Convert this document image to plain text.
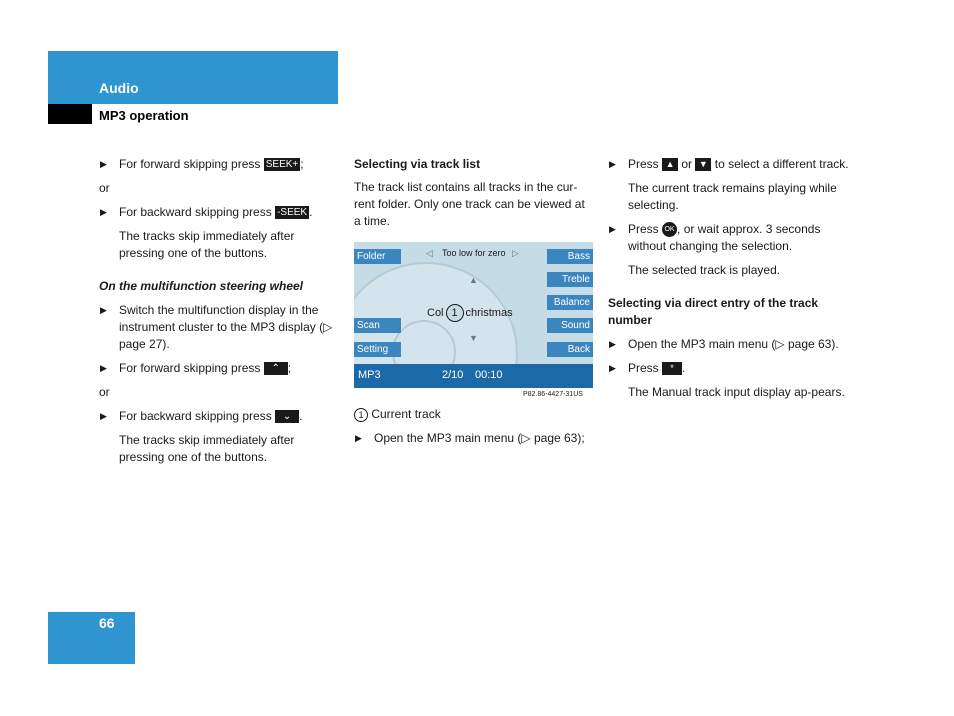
Audio
MP3 operation

▶ For forward skipping press SEEK+ ;

or

▶ For backward skipping press -SEEK .

The tracks skip immediately after pressing one of the buttons.

On the multifunction steering wheel

▶ Switch the multifunction display in the instrument cluster to the MP3 display (▷ page 27).

▶ For forward skipping press ⌃ ;

or

▶ For backward skipping press ⌄ .

The tracks skip immediately after pressing one of the buttons.

Selecting via track list

The track list contains all tracks in the cur-rent folder. Only one track can be viewed at a time.

Folder
Scan
Setting
◁ Too low for zero ▷
▲
Col 1 christmas
▼
Bass
Treble
Balance
Sound
Back
MP3	2/10 00:10
P82.86-4427-31US

1 Current track

▶ Open the MP3 main menu (▷ page 63);

▶ Press ▲ or ▼ to select a different track.

The current track remains playing while selecting.

▶ Press OK , or wait approx. 3 seconds without changing the selection.

The selected track is played.

Selecting via direct entry of the track number

▶ Open the MP3 main menu (▷ page 63).

▶ Press * .

The Manual track input display ap-pears.

66
